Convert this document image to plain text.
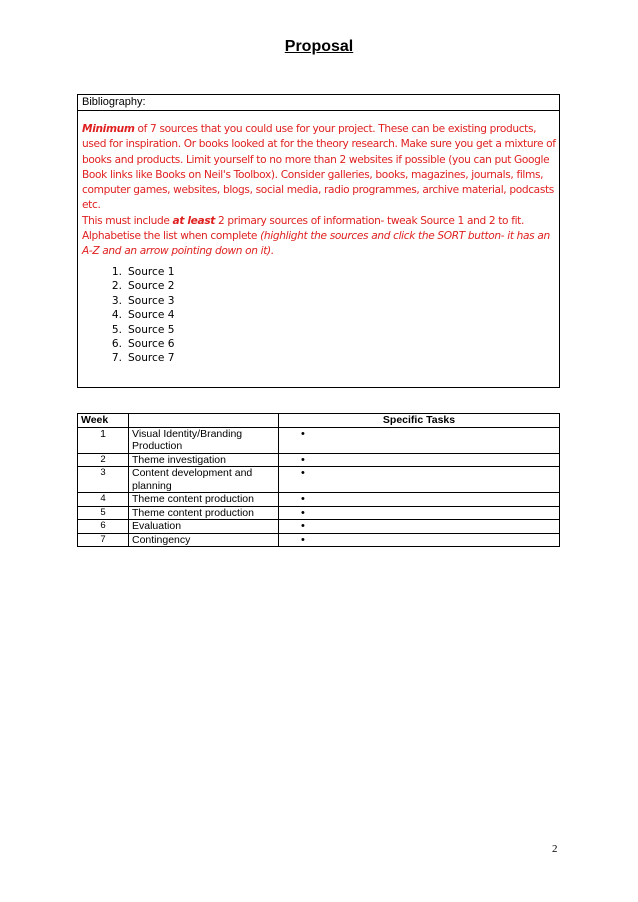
Proposal
Bibliography:
Minimum of 7 sources that you could use for your project. These can be existing products, used for inspiration. Or books looked at for the theory research. Make sure you get a mixture of books and products. Limit yourself to no more than 2 websites if possible (you can put Google Book links like Books on Neil's Toolbox). Consider galleries, books, magazines, journals, films, computer games, websites, blogs, social media, radio programmes, archive material, podcasts etc.
This must include at least 2 primary sources of information- tweak Source 1 and 2 to fit.
Alphabetise the list when complete (highlight the sources and click the SORT button- it has an A-Z and an arrow pointing down on it).
1. Source 1
2. Source 2
3. Source 3
4. Source 4
5. Source 5
6. Source 6
7. Source 7
Week		Specific Tasks
1	Visual Identity/Branding Production	•
2	Theme investigation	•
3	Content development and planning	•
4	Theme content production	•
5	Theme content production	•
6	Evaluation	•
7	Contingency	•
2
